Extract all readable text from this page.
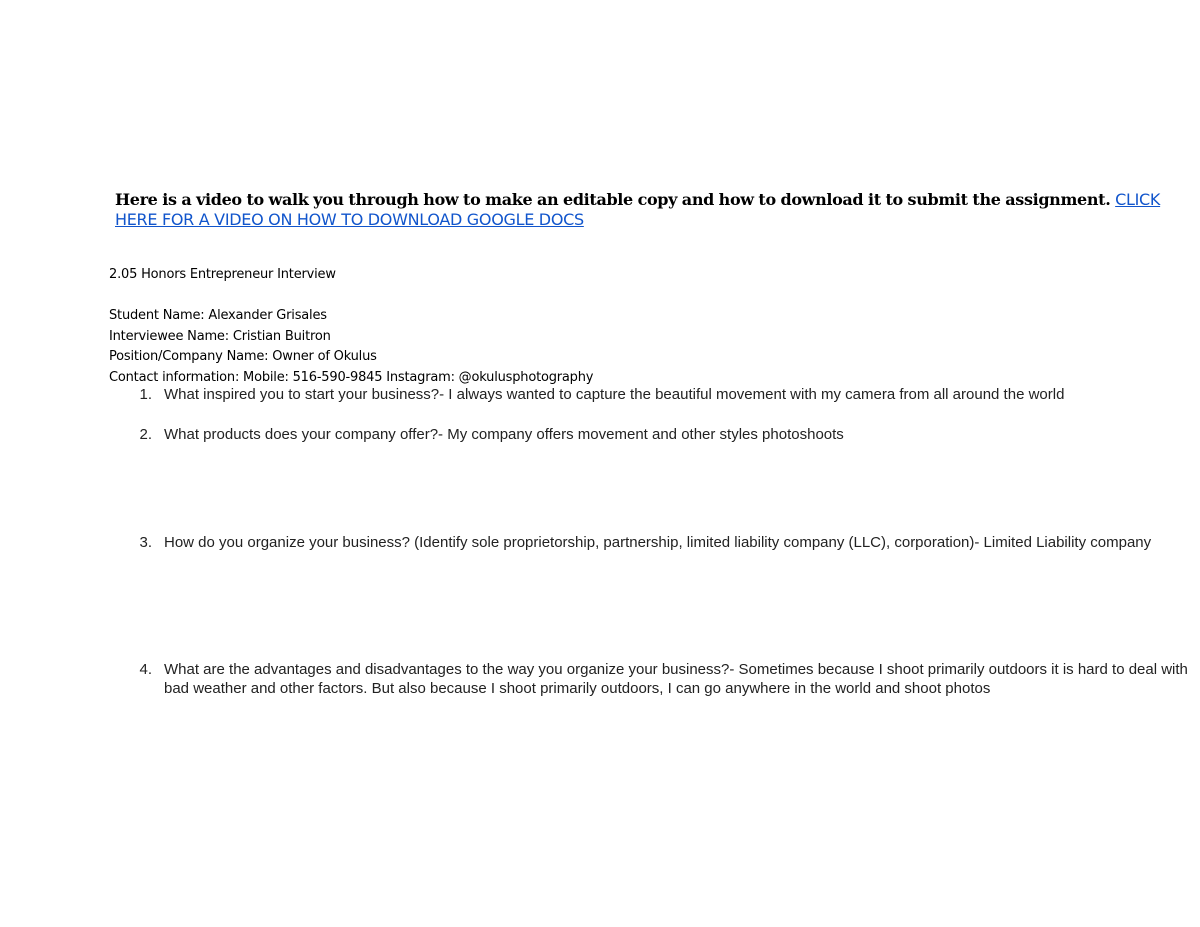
Here is a video to walk you through how to make an editable copy and how to download it to submit the assignment. CLICK HERE FOR A VIDEO ON HOW TO DOWNLOAD GOOGLE DOCS
2.05 Honors Entrepreneur Interview
Student Name: Alexander Grisales
Interviewee Name: Cristian Buitron
Position/Company Name: Owner of Okulus
Contact information: Mobile: 516-590-9845 Instagram: @okulusphotography
1. What inspired you to start your business?- I always wanted to capture the beautiful movement with my camera from all around the world
2. What products does your company offer?- My company offers movement and other styles photoshoots
3. How do you organize your business? (Identify sole proprietorship, partnership, limited liability company (LLC), corporation)- Limited Liability company
4. What are the advantages and disadvantages to the way you organize your business?- Sometimes because I shoot primarily outdoors it is hard to deal with bad weather and other factors. But also because I shoot primarily outdoors, I can go anywhere in the world and shoot photos
